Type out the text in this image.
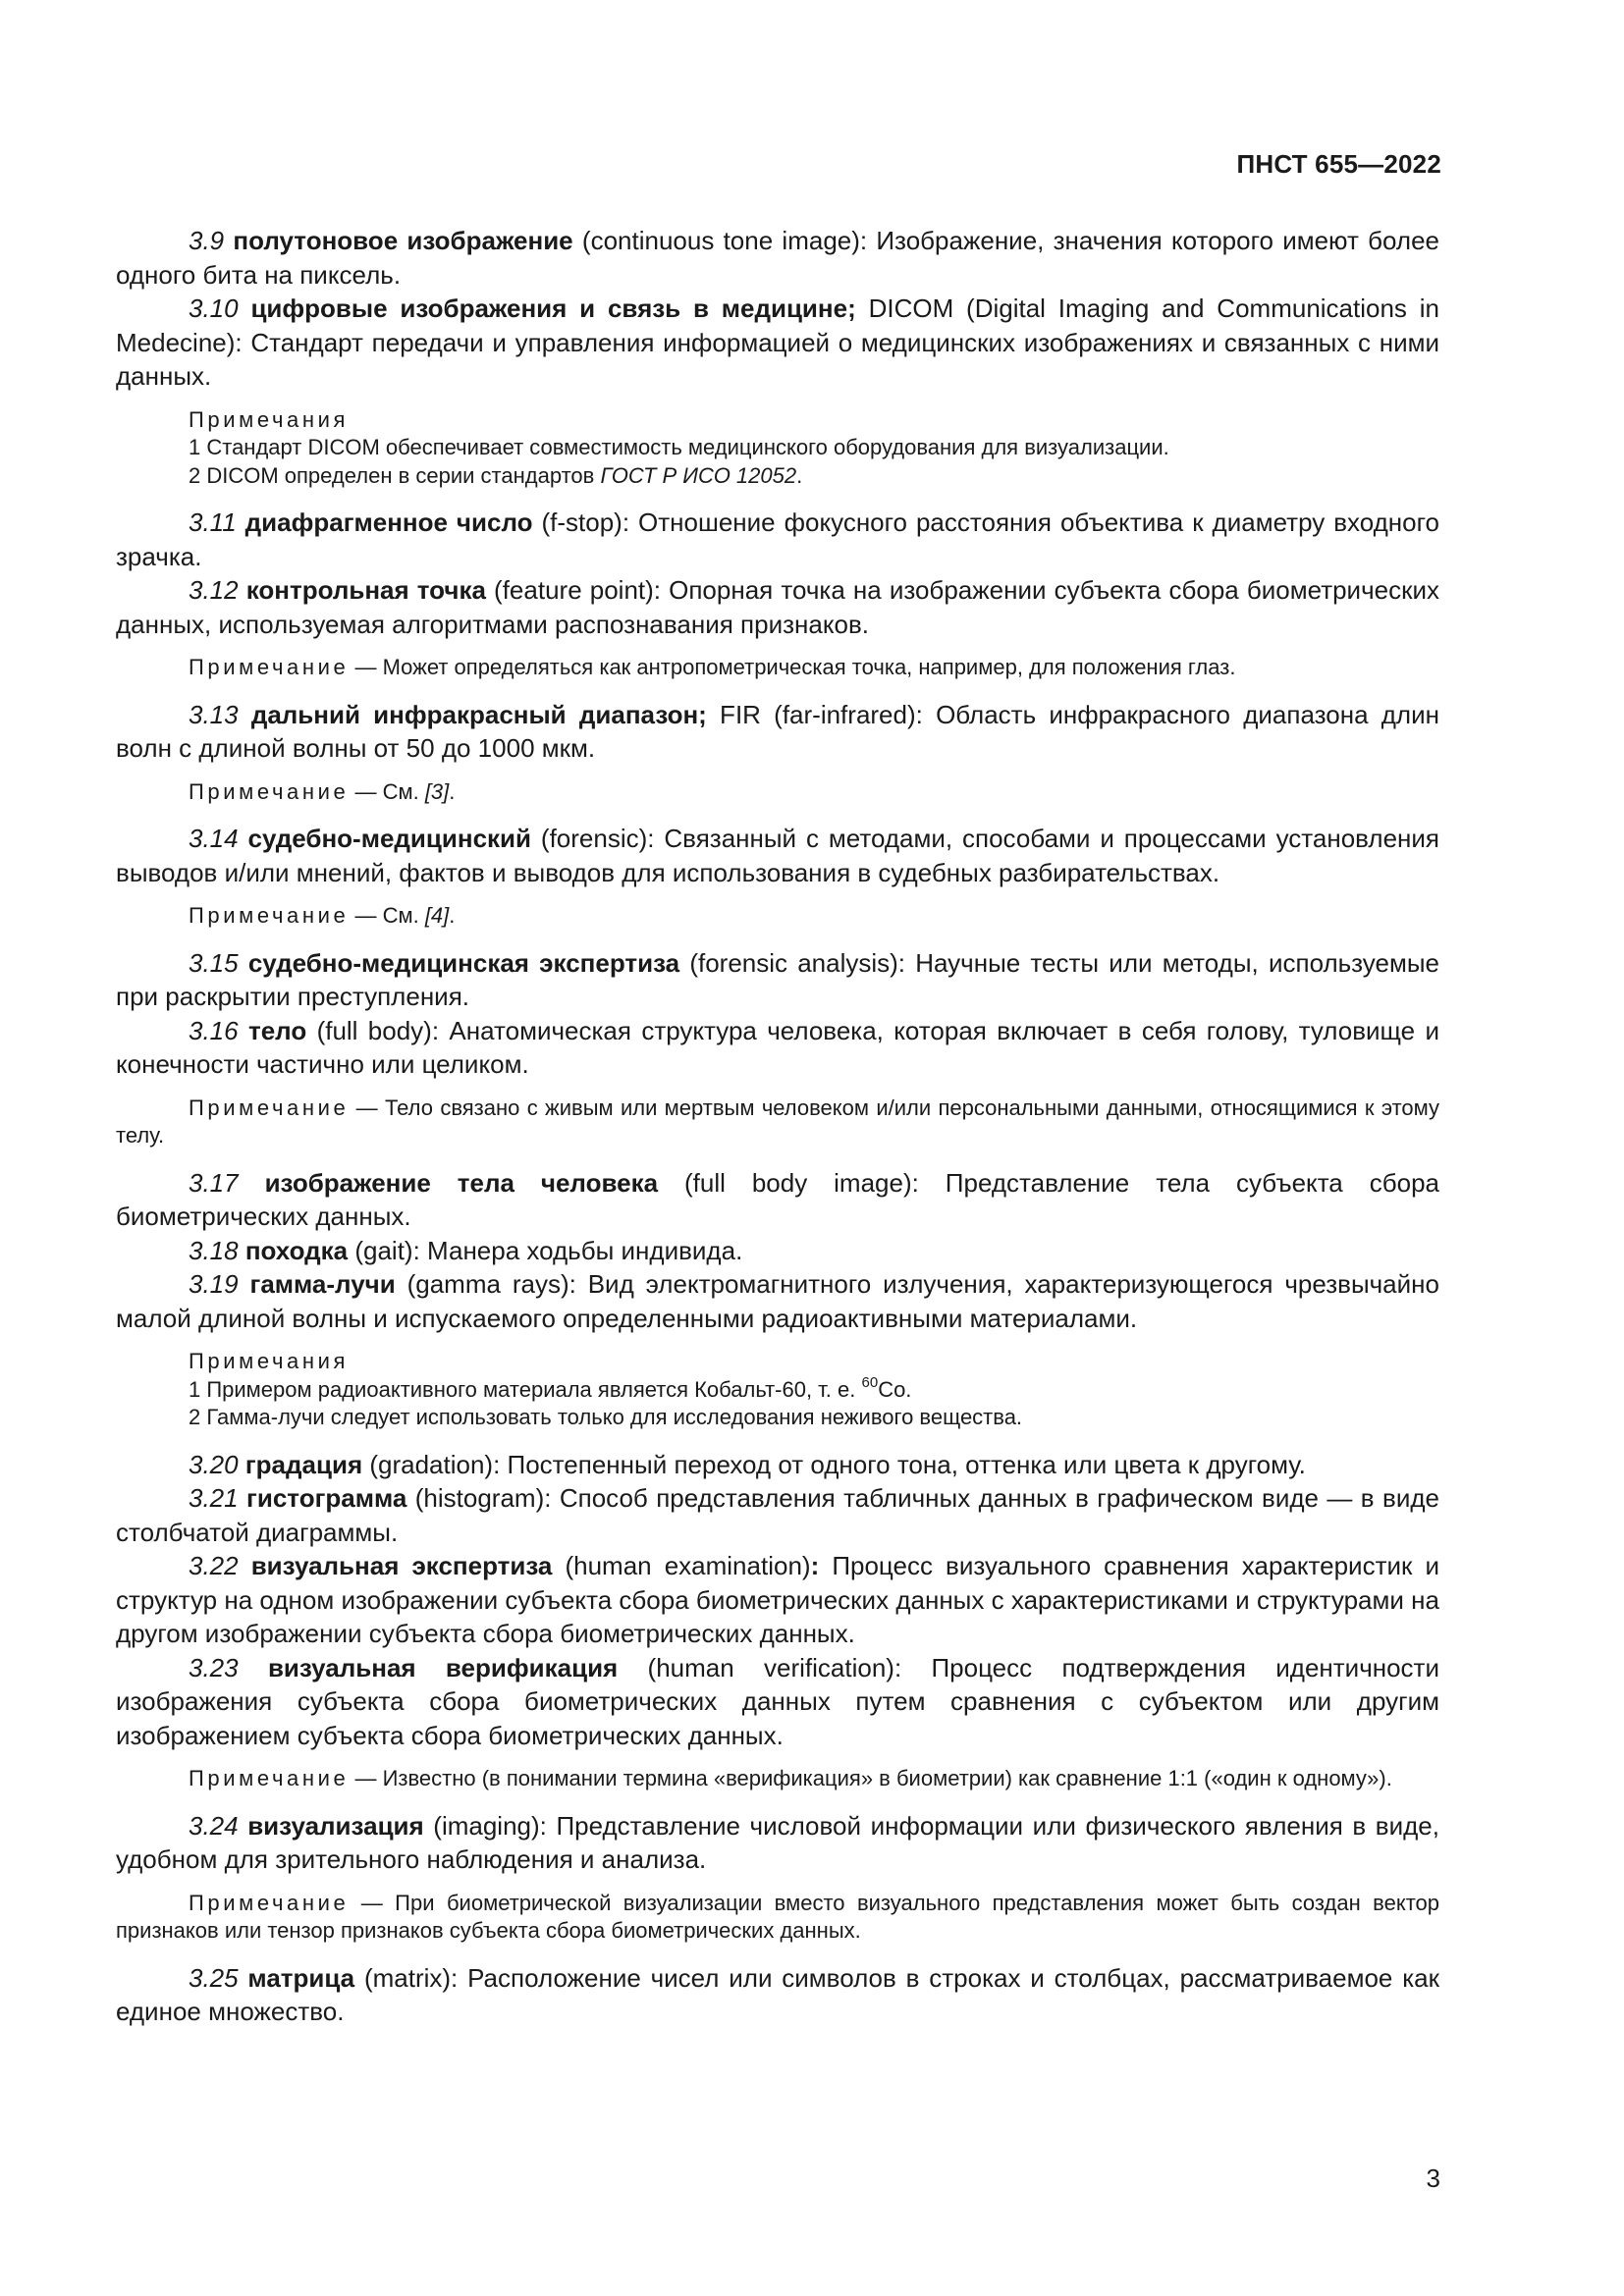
ПНСТ 655—2022

3.9 полутоновое изображение (continuous tone image): Изображение, значения которого имеют более одного бита на пиксель.

3.10 цифровые изображения и связь в медицине; DICOM (Digital Imaging and Communications in Medecine): Стандарт передачи и управления информацией о медицинских изображениях и связанных с ними данных.

Примечания
1 Стандарт DICOM обеспечивает совместимость медицинского оборудования для визуализации.
2 DICOM определен в серии стандартов ГОСТ Р ИСО 12052.

3.11 диафрагменное число (f-stop): Отношение фокусного расстояния объектива к диаметру входного зрачка.

3.12 контрольная точка (feature point): Опорная точка на изображении субъекта сбора биометрических данных, используемая алгоритмами распознавания признаков.

Примечание — Может определяться как антропометрическая точка, например, для положения глаз.

3.13 дальний инфракрасный диапазон; FIR (far-infrared): Область инфракрасного диапазона длин волн с длиной волны от 50 до 1000 мкм.

Примечание — См. [3].

3.14 судебно-медицинский (forensic): Связанный с методами, способами и процессами установления выводов и/или мнений, фактов и выводов для использования в судебных разбирательствах.

Примечание — См. [4].

3.15 судебно-медицинская экспертиза (forensic analysis): Научные тесты или методы, используемые при раскрытии преступления.

3.16 тело (full body): Анатомическая структура человека, которая включает в себя голову, туловище и конечности частично или целиком.

Примечание — Тело связано с живым или мертвым человеком и/или персональными данными, относящимися к этому телу.

3.17 изображение тела человека (full body image): Представление тела субъекта сбора биометрических данных.

3.18 походка (gait): Манера ходьбы индивида.

3.19 гамма-лучи (gamma rays): Вид электромагнитного излучения, характеризующегося чрезвычайно малой длиной волны и испускаемого определенными радиоактивными материалами.

Примечания
1 Примером радиоактивного материала является Кобальт-60, т. е. $^{60}$Co.
2 Гамма-лучи следует использовать только для исследования неживого вещества.

3.20 градация (gradation): Постепенный переход от одного тона, оттенка или цвета к другому.

3.21 гистограмма (histogram): Способ представления табличных данных в графическом виде — в виде столбчатой диаграммы.

3.22 визуальная экспертиза (human examination): Процесс визуального сравнения характеристик и структур на одном изображении субъекта сбора биометрических данных с характеристиками и структурами на другом изображении субъекта сбора биометрических данных.

3.23 визуальная верификация (human verification): Процесс подтверждения идентичности изображения субъекта сбора биометрических данных путем сравнения с субъектом или другим изображением субъекта сбора биометрических данных.

Примечание — Известно (в понимании термина «верификация» в биометрии) как сравнение 1:1 («один к одному»).

3.24 визуализация (imaging): Представление числовой информации или физического явления в виде, удобном для зрительного наблюдения и анализа.

Примечание — При биометрической визуализации вместо визуального представления может быть создан вектор признаков или тензор признаков субъекта сбора биометрических данных.

3.25 матрица (matrix): Расположение чисел или символов в строках и столбцах, рассматриваемое как единое множество.

3
